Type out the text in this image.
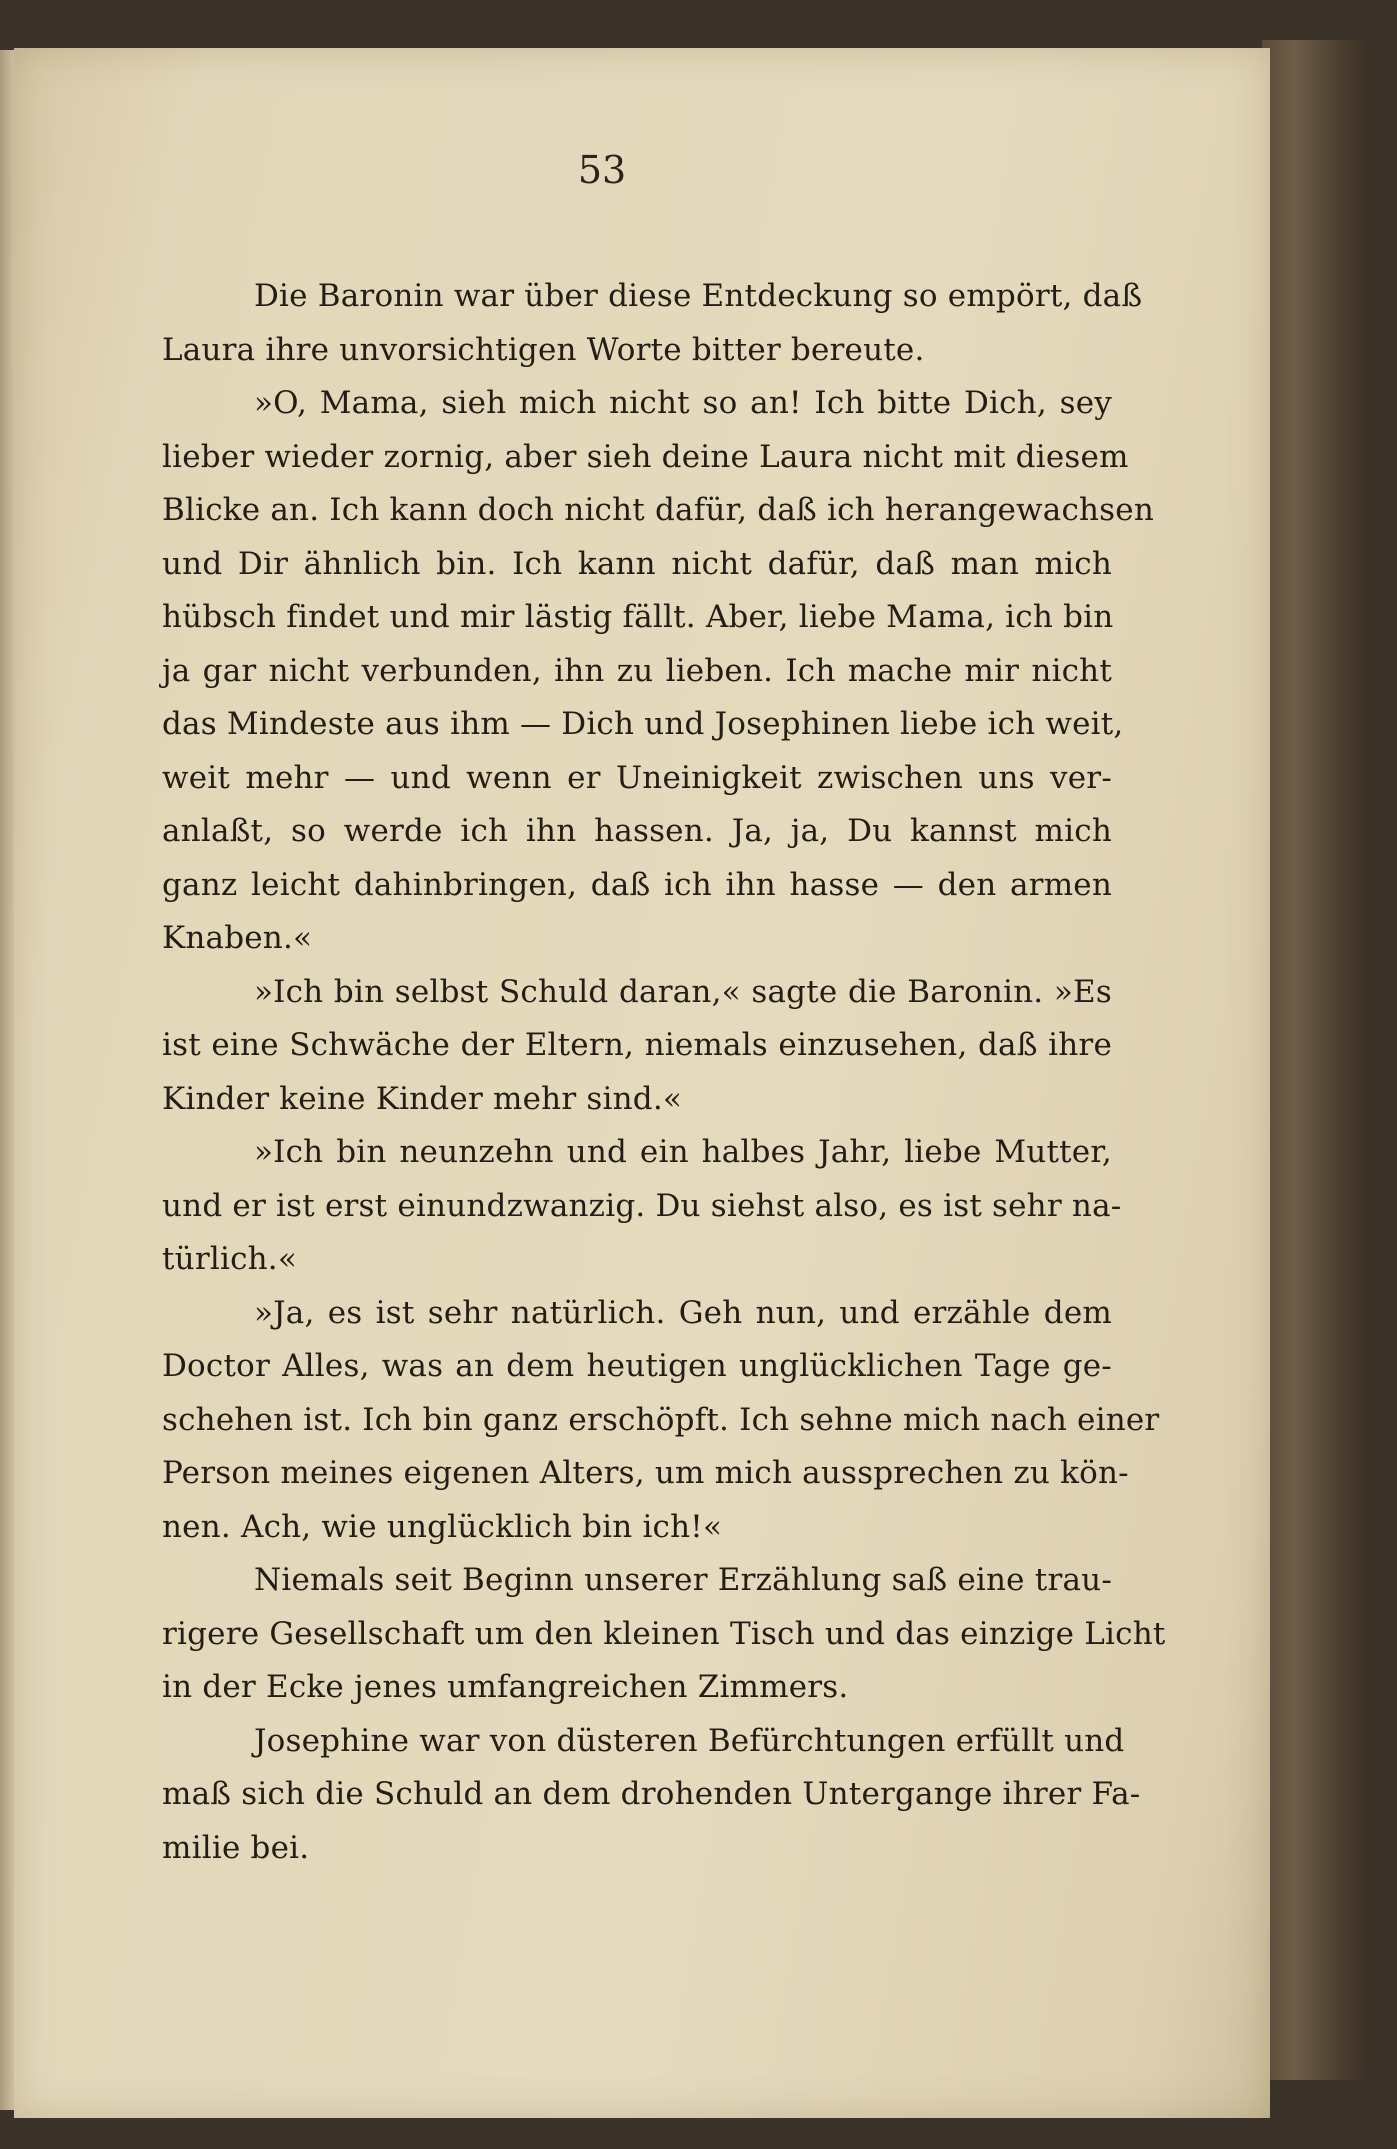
53
Die Baronin war über diese Entdeckung so empört, daß
Laura ihre unvorsichtigen Worte bitter bereute.
»O, Mama, sieh mich nicht so an! Ich bitte Dich, sey
lieber wieder zornig, aber sieh deine Laura nicht mit diesem
Blicke an. Ich kann doch nicht dafür, daß ich herangewachsen
und Dir ähnlich bin. Ich kann nicht dafür, daß man mich
hübsch findet und mir lästig fällt. Aber, liebe Mama, ich bin
ja gar nicht verbunden, ihn zu lieben. Ich mache mir nicht
das Mindeste aus ihm — Dich und Josephinen liebe ich weit,
weit mehr — und wenn er Uneinigkeit zwischen uns ver-
anlaßt, so werde ich ihn hassen. Ja, ja, Du kannst mich
ganz leicht dahinbringen, daß ich ihn hasse — den armen
Knaben.«
»Ich bin selbst Schuld daran,« sagte die Baronin. »Es
ist eine Schwäche der Eltern, niemals einzusehen, daß ihre
Kinder keine Kinder mehr sind.«
»Ich bin neunzehn und ein halbes Jahr, liebe Mutter,
und er ist erst einundzwanzig. Du siehst also, es ist sehr na-
türlich.«
»Ja, es ist sehr natürlich. Geh nun, und erzähle dem
Doctor Alles, was an dem heutigen unglücklichen Tage ge-
schehen ist. Ich bin ganz erschöpft. Ich sehne mich nach einer
Person meines eigenen Alters, um mich aussprechen zu kön-
nen. Ach, wie unglücklich bin ich!«
Niemals seit Beginn unserer Erzählung saß eine trau-
rigere Gesellschaft um den kleinen Tisch und das einzige Licht
in der Ecke jenes umfangreichen Zimmers.
Josephine war von düsteren Befürchtungen erfüllt und
maß sich die Schuld an dem drohenden Untergange ihrer Fa-
milie bei.
